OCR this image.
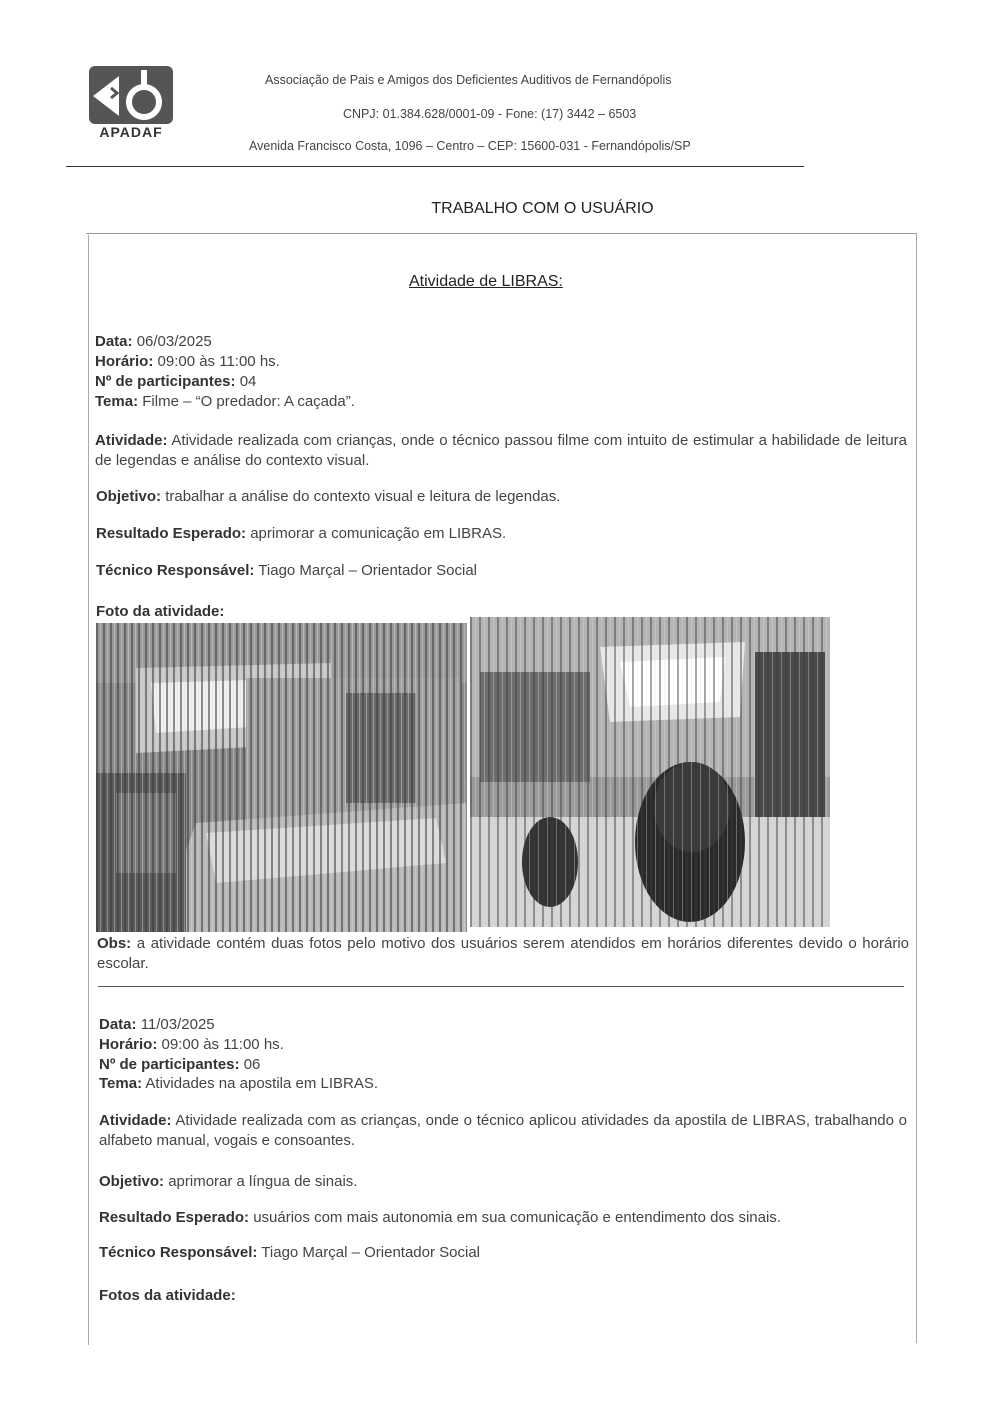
APADAF
Associação de Pais e Amigos dos Deficientes Auditivos de Fernandópolis
CNPJ: 01.384.628/0001-09 - Fone: (17) 3442 – 6503
Avenida Francisco Costa, 1096 – Centro – CEP: 15600-031 - Fernandópolis/SP
TRABALHO COM O USUÁRIO
Atividade de LIBRAS:
Data: 06/03/2025
Horário: 09:00 às 11:00 hs.
Nº de participantes: 04
Tema: Filme – “O predador: A caçada”.
Atividade: Atividade realizada com crianças, onde o técnico passou filme com intuito de estimular a habilidade de leitura de legendas e análise do contexto visual.
Objetivo: trabalhar a análise do contexto visual e leitura de legendas.
Resultado Esperado: aprimorar a comunicação em LIBRAS.
Técnico Responsável: Tiago Marçal – Orientador Social
Foto da atividade:
Obs: a atividade contém duas fotos pelo motivo dos usuários serem atendidos em horários diferentes devido o horário escolar.
Data: 11/03/2025
Horário: 09:00 às 11:00 hs.
Nº de participantes: 06
Tema: Atividades na apostila em LIBRAS.
Atividade: Atividade realizada com as crianças, onde o técnico aplicou atividades da apostila de LIBRAS, trabalhando o alfabeto manual, vogais e consoantes.
Objetivo: aprimorar a língua de sinais.
Resultado Esperado: usuários com mais autonomia em sua comunicação e entendimento dos sinais.
Técnico Responsável: Tiago Marçal – Orientador Social
Fotos da atividade:
